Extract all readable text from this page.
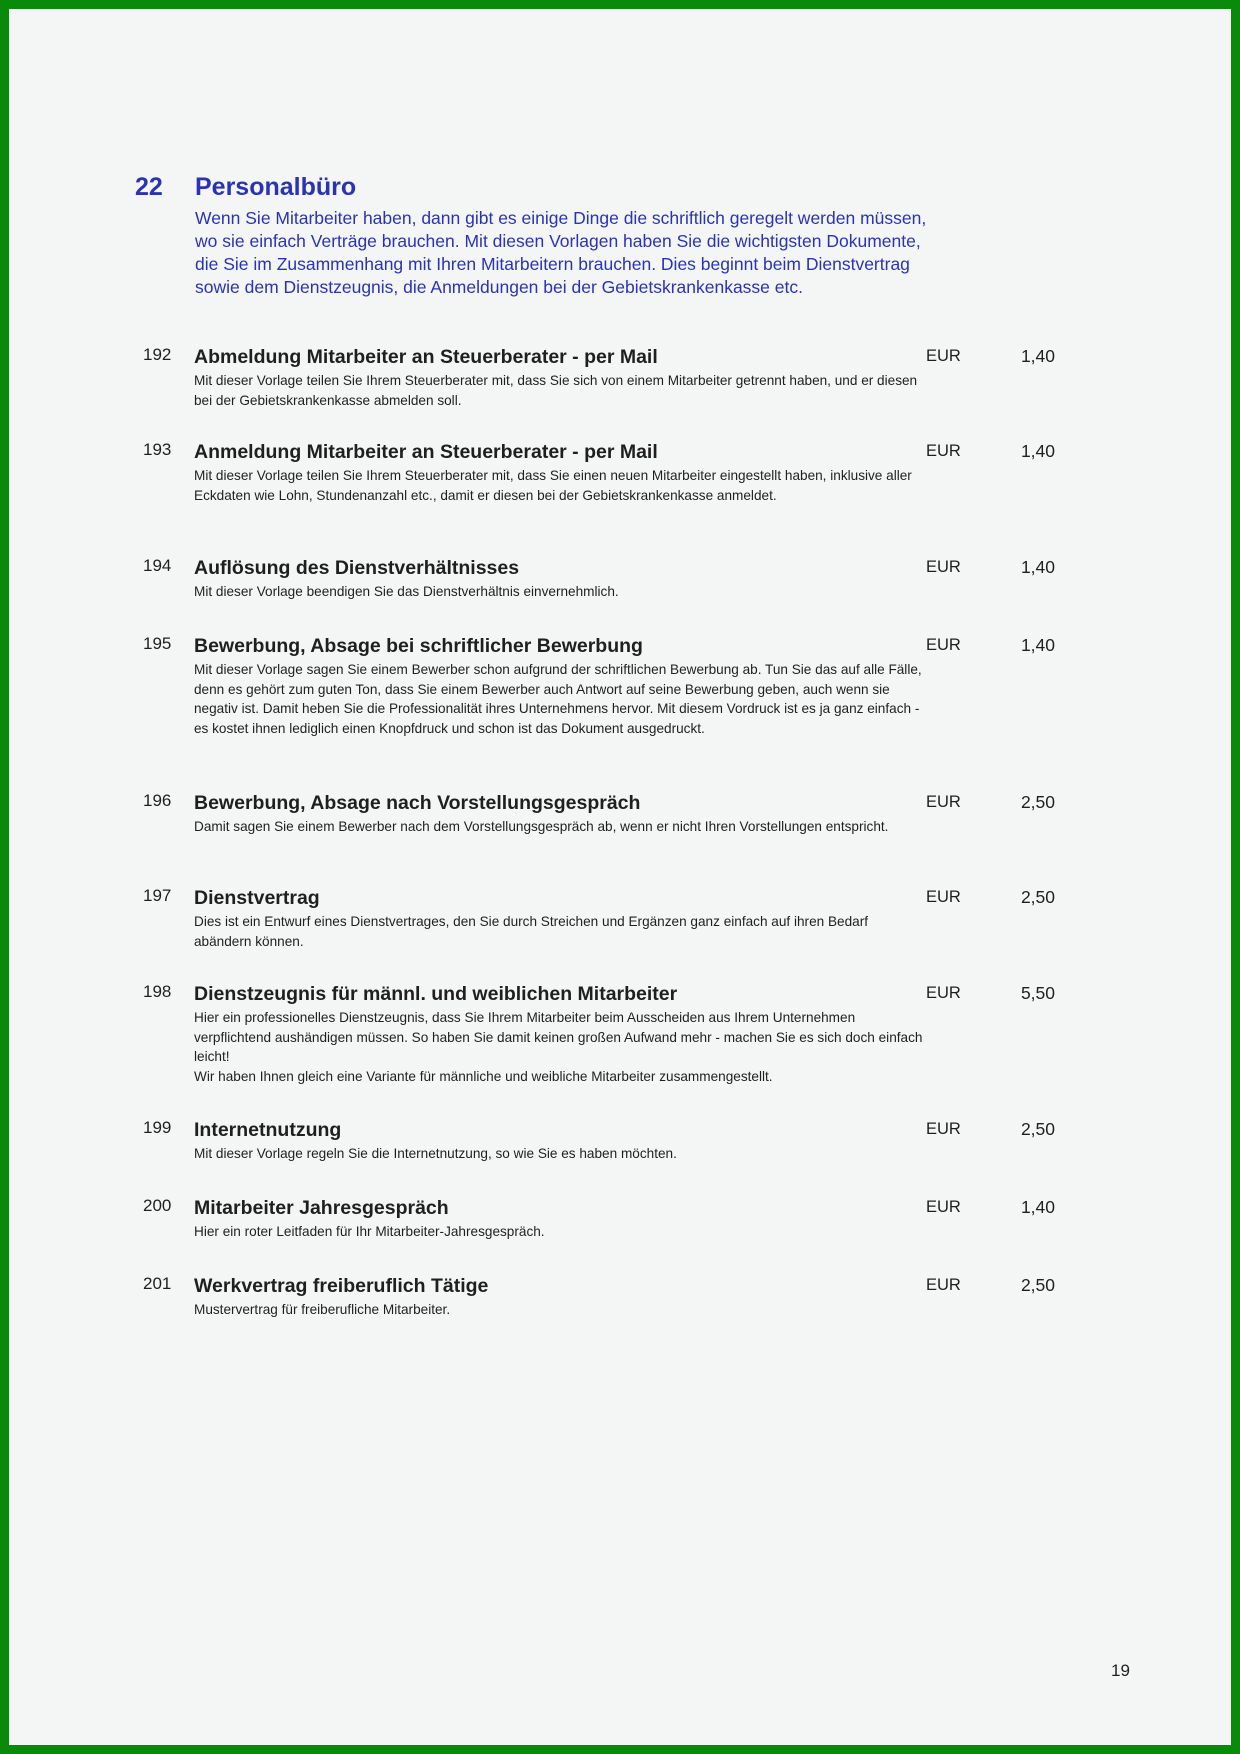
22 Personalbüro
Wenn Sie Mitarbeiter haben, dann gibt es einige Dinge die schriftlich geregelt werden müssen, wo sie einfach Verträge brauchen. Mit diesen Vorlagen haben Sie die wichtigsten Dokumente, die Sie im Zusammenhang mit Ihren Mitarbeitern brauchen. Dies beginnt beim Dienstvertrag sowie dem Dienstzeugnis, die Anmeldungen bei der Gebietskrankenkasse etc.
192 Abmeldung Mitarbeiter an Steuerberater - per Mail
Mit dieser Vorlage teilen Sie Ihrem Steuerberater mit, dass Sie sich von einem Mitarbeiter getrennt haben, und er diesen bei der Gebietskrankenkasse abmelden soll.
EUR	1,40
193 Anmeldung Mitarbeiter an Steuerberater - per Mail
Mit dieser Vorlage teilen Sie Ihrem Steuerberater mit, dass Sie einen neuen Mitarbeiter eingestellt haben, inklusive aller Eckdaten wie Lohn, Stundenanzahl etc., damit er diesen bei der Gebietskrankenkasse anmeldet.
EUR	1,40
194 Auflösung des Dienstverhältnisses
Mit dieser Vorlage beendigen Sie das Dienstverhältnis einvernehmlich.
EUR	1,40
195 Bewerbung, Absage bei schriftlicher Bewerbung
Mit dieser Vorlage sagen Sie einem Bewerber schon aufgrund der schriftlichen Bewerbung ab. Tun Sie das auf alle Fälle, denn es gehört zum guten Ton, dass Sie einem Bewerber auch Antwort auf seine Bewerbung geben, auch wenn sie negativ ist. Damit heben Sie die Professionalität ihres Unternehmens hervor. Mit diesem Vordruck ist es ja ganz einfach - es kostet ihnen lediglich einen Knopfdruck und schon ist das Dokument ausgedruckt.
EUR	1,40
196 Bewerbung, Absage nach Vorstellungsgespräch
Damit sagen Sie einem Bewerber nach dem Vorstellungsgespräch ab, wenn er nicht Ihren Vorstellungen entspricht.
EUR	2,50
197 Dienstvertrag
Dies ist ein Entwurf eines Dienstvertrages, den Sie durch Streichen und Ergänzen ganz einfach auf ihren Bedarf abändern können.
EUR	2,50
198 Dienstzeugnis für männl. und weiblichen Mitarbeiter
Hier ein professionelles Dienstzeugnis, dass Sie Ihrem Mitarbeiter beim Ausscheiden aus Ihrem Unternehmen verpflichtend aushändigen müssen. So haben Sie damit keinen großen Aufwand mehr - machen Sie es sich doch einfach leicht!
Wir haben Ihnen gleich eine Variante für männliche und weibliche Mitarbeiter zusammengestellt.
EUR	5,50
199 Internetnutzung
Mit dieser Vorlage regeln Sie die Internetnutzung, so wie Sie es haben möchten.
EUR	2,50
200 Mitarbeiter Jahresgespräch
Hier ein roter Leitfaden für Ihr Mitarbeiter-Jahresgespräch.
EUR	1,40
201 Werkvertrag freiberuflich Tätige
Mustervertrag für freiberufliche Mitarbeiter.
EUR	2,50
19
